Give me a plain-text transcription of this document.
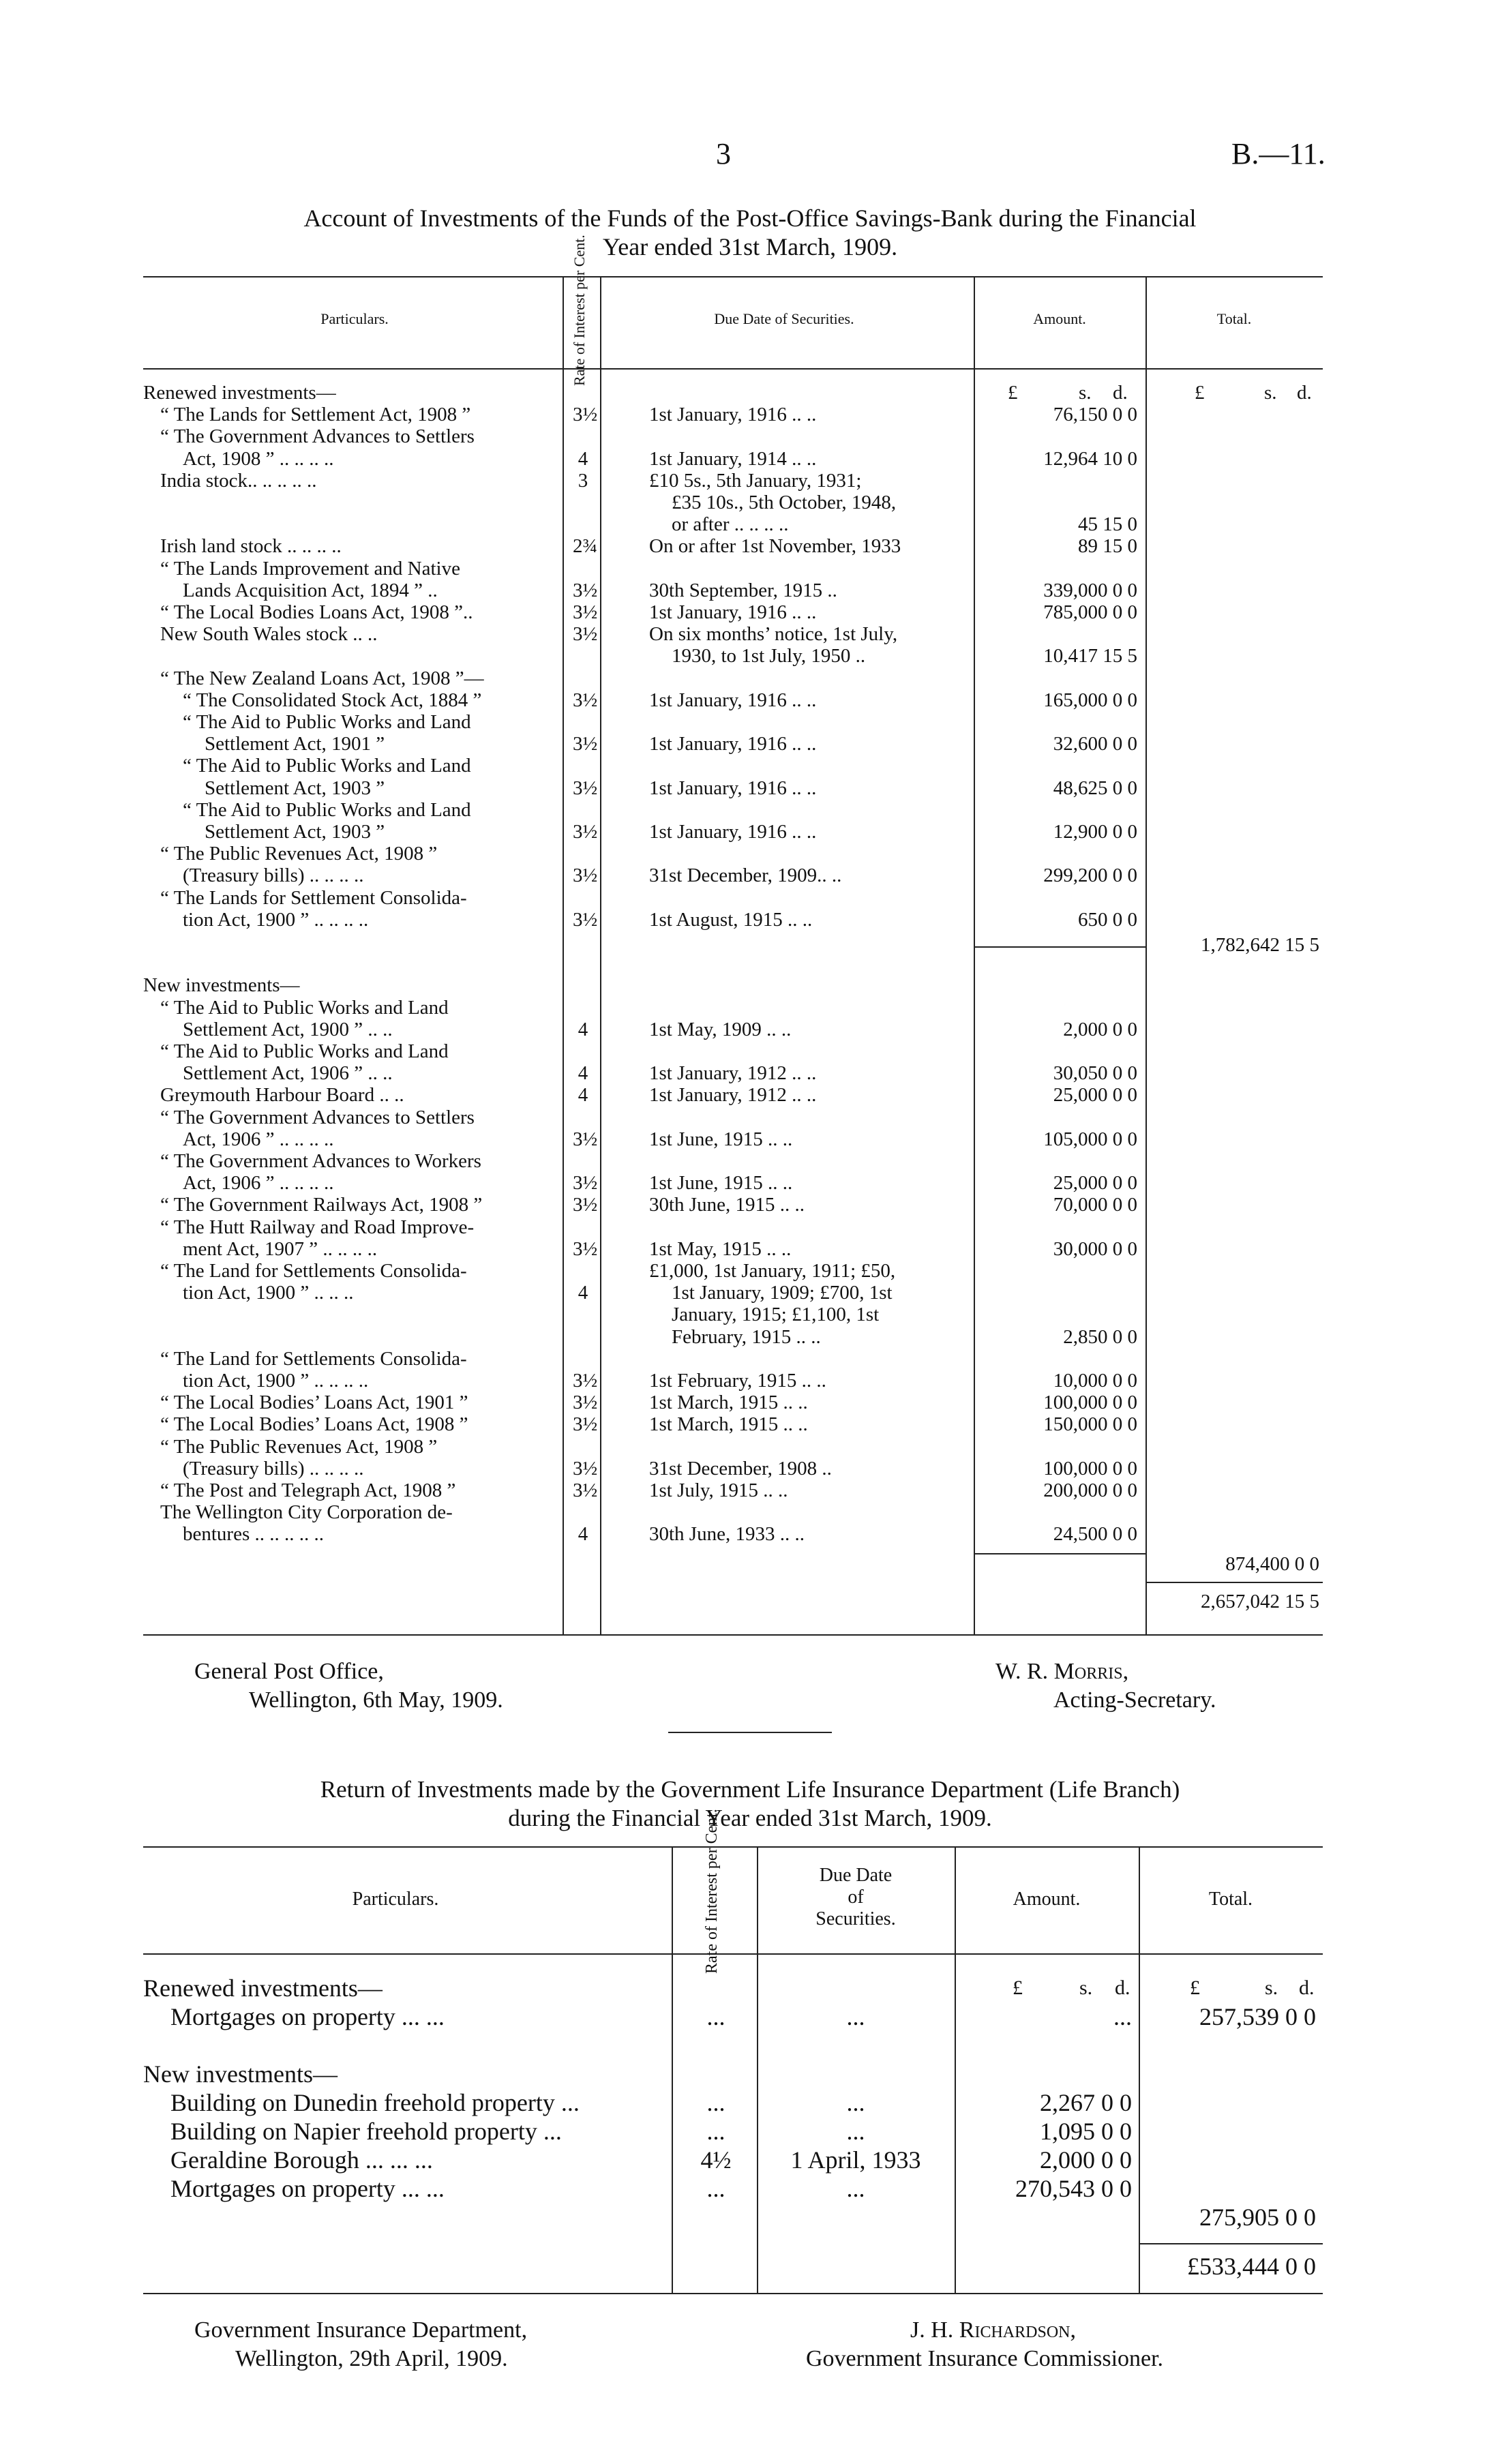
3	B.—11.
Account of Investments of the Funds of the Post-Office Savings-Bank during the Financial
Year ended 31st March, 1909.
Particulars.	Rate of Interest per Cent.	Due Date of Securities.	Amount.	Total.
Renewed investments—	£	s. d.	£	s. d.
“ The Lands for Settlement Act, 1908 ”	3½	1st January, 1916 .. ..	76,150 0 0
“ The Government Advances to Settlers
Act, 1908 ” .. .. .. ..	4	1st January, 1914 .. ..	12,964 10 0
India stock.. .. .. .. ..	3	£10 5s., 5th January, 1931;
£35 10s., 5th October, 1948,
or after .. .. .. ..	45 15 0
Irish land stock .. .. .. ..	2¾	On or after 1st November, 1933	89 15 0
“ The Lands Improvement and Native
Lands Acquisition Act, 1894 ” ..	3½	30th September, 1915 ..	339,000 0 0
“ The Local Bodies Loans Act, 1908 ”..	3½	1st January, 1916 .. ..	785,000 0 0
New South Wales stock .. ..	3½	On six months’ notice, 1st July,
1930, to 1st July, 1950 ..	10,417 15 5
“ The New Zealand Loans Act, 1908 ”—
“ The Consolidated Stock Act, 1884 ”	3½	1st January, 1916 .. ..	165,000 0 0
“ The Aid to Public Works and Land
Settlement Act, 1901 ”	3½	1st January, 1916 .. ..	32,600 0 0
“ The Aid to Public Works and Land
Settlement Act, 1903 ”	3½	1st January, 1916 .. ..	48,625 0 0
“ The Aid to Public Works and Land
Settlement Act, 1903 ”	3½	1st January, 1916 .. ..	12,900 0 0
“ The Public Revenues Act, 1908 ”
(Treasury bills) .. .. .. ..	3½	31st December, 1909.. ..	299,200 0 0
“ The Lands for Settlement Consolida-
tion Act, 1900 ” .. .. .. ..	3½	1st August, 1915 .. ..	650 0 0
New investments—
“ The Aid to Public Works and Land
Settlement Act, 1900 ” .. ..	4	1st May, 1909 .. ..	2,000 0 0
“ The Aid to Public Works and Land
Settlement Act, 1906 ” .. ..	4	1st January, 1912 .. ..	30,050 0 0
Greymouth Harbour Board .. ..	4	1st January, 1912 .. ..	25,000 0 0
“ The Government Advances to Settlers
Act, 1906 ” .. .. .. ..	3½	1st June, 1915 .. ..	105,000 0 0
“ The Government Advances to Workers
Act, 1906 ” .. .. .. ..	3½	1st June, 1915 .. ..	25,000 0 0
“ The Government Railways Act, 1908 ”	3½	30th June, 1915 .. ..	70,000 0 0
“ The Hutt Railway and Road Improve-
ment Act, 1907 ” .. .. .. ..	3½	1st May, 1915 .. ..	30,000 0 0
“ The Land for Settlements Consolida-
tion Act, 1900 ” .. .. ..	4
£1,000, 1st January, 1911; £50,
1st January, 1909; £700, 1st
January, 1915; £1,100, 1st
February, 1915 .. ..	2,850 0 0
“ The Land for Settlements Consolida-
tion Act, 1900 ” .. .. .. ..	3½	1st February, 1915 .. ..	10,000 0 0
“ The Local Bodies’ Loans Act, 1901 ”	3½	1st March, 1915 .. ..	100,000 0 0
“ The Local Bodies’ Loans Act, 1908 ”	3½	1st March, 1915 .. ..	150,000 0 0
“ The Public Revenues Act, 1908 ”
(Treasury bills) .. .. .. ..	3½	31st December, 1908 ..	100,000 0 0
“ The Post and Telegraph Act, 1908 ”	3½	1st July, 1915 .. ..	200,000 0 0
The Wellington City Corporation de-
bentures .. .. .. .. ..	4	30th June, 1933 .. ..	24,500 0 0
1,782,642 15 5
874,400 0 0
2,657,042 15 5
General Post Office,
Wellington, 6th May, 1909.
W. R. Morris,
Acting-Secretary.
Return of Investments made by the Government Life Insurance Department (Life Branch)
during the Financial Year ended 31st March, 1909.
Particulars.	Rate of Interest per Cent.	Due Date
of
Securities.
Amount.	Total.
Renewed investments—	£	s. d.	£	s. d.
Mortgages on property ... ...	...	...	...	257,539 0 0
New investments—
Building on Dunedin freehold property ...	...	...	2,267 0 0
Building on Napier freehold property ...	...	...	1,095 0 0
Geraldine Borough ... ... ...	4½	1 April, 1933	2,000 0 0
Mortgages on property ... ...	...	...	270,543 0 0
275,905 0 0
£533,444 0 0
Government Insurance Department,
Wellington, 29th April, 1909.
J. H. Richardson,
Government Insurance Commissioner.
